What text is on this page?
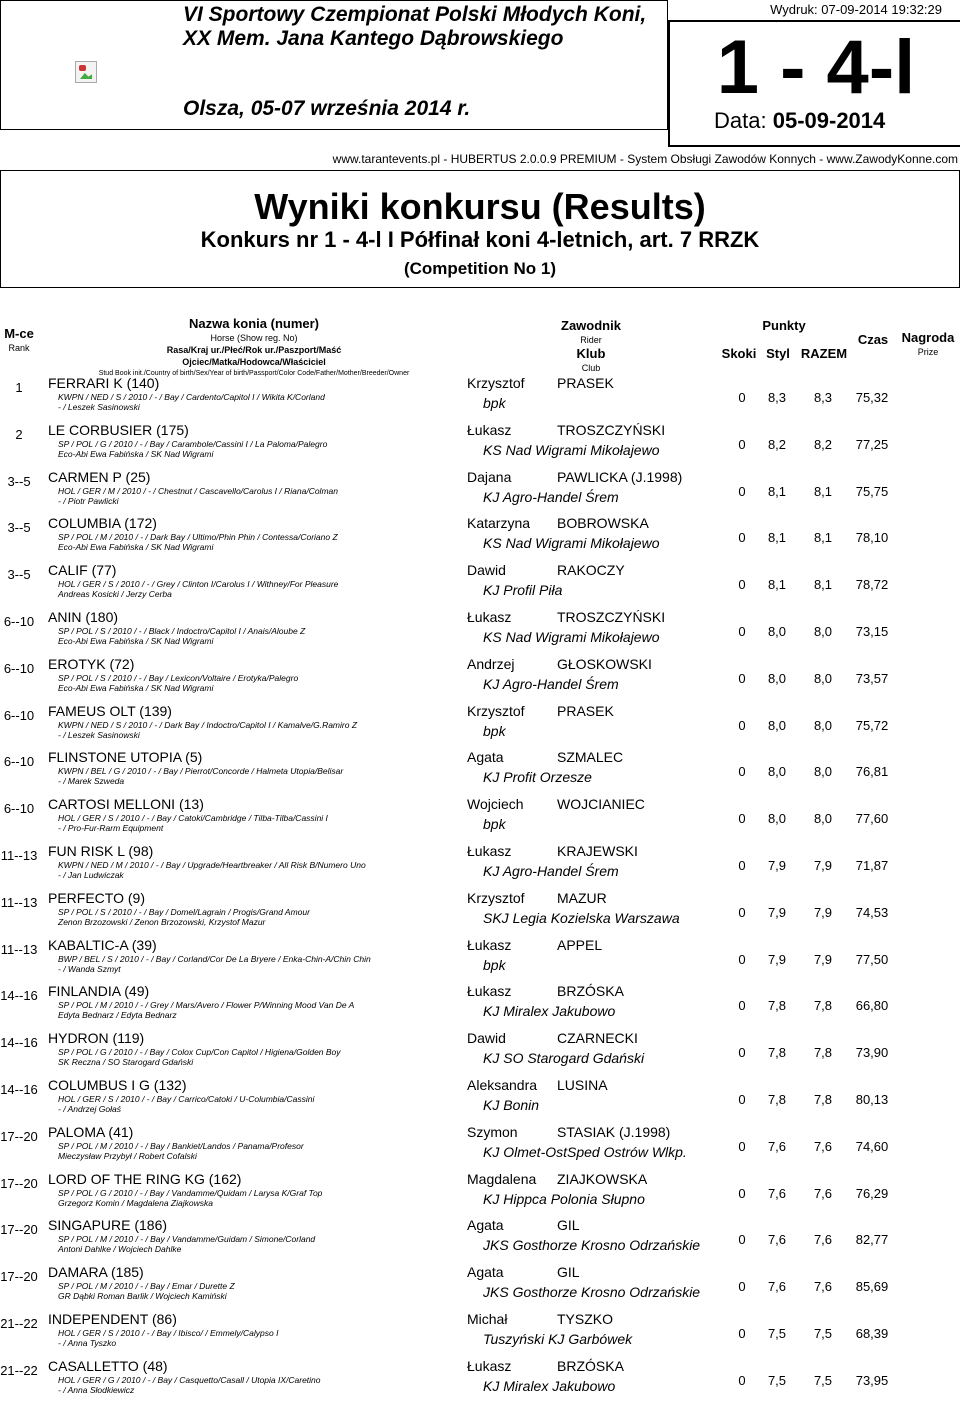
VI Sportowy Czempionat Polski Młodych Koni, XX Mem. Jana Kantego Dąbrowskiego
Olsza, 05-07 września 2014 r.
Wydruk: 07-09-2014 19:32:29
1 - 4-l
Data: 05-09-2014
www.tarantevents.pl - HUBERTUS 2.0.0.9 PREMIUM - System Obsługi Zawodów Konnych - www.ZawodyKonne.com
Wyniki konkursu (Results)
Konkurs nr 1 - 4-l I Półfinał koni 4-letnich, art. 7 RRZK
(Competition No 1)
M-ce
Rank
Nazwa konia (numer)
Horse (Show reg. No)
Rasa/Kraj ur./Płeć/Rok ur./Paszport/Maść
Ojciec/Matka/Hodowca/Właściciel
Stud Book init./Country of birth/Sex/Year of birth/Passport/Color Code/Father/Mother/Breeder/Owner
Zawodnik
Rider
Klub
Club
Punkty
Skoki Styl RAZEM
Czas	Nagroda
Prize
1	FERRARI K (140)
KWPN / NED / S / 2010 / - / Bay / Cardento/Capitol I / Wikita K/Corland
- / Leszek Sasinowski
Krzysztof PRASEK
bpk	0	8,3	8,3	75,32
2	LE CORBUSIER (175)
SP / POL / G / 2010 / - / Bay / Carambole/Cassini I / La Paloma/Palegro
Eco-Abi Ewa Fabińska / SK Nad Wigrami
Łukasz	TROSZCZYŃSKI
KS Nad Wigrami Mikołajewo	0	8,2	8,2	77,25
3--5	CARMEN P (25)
HOL / GER / M / 2010 / - / Chestnut / Cascavello/Carolus I / Riana/Colman
- / Piotr Pawlicki
Dajana	PAWLICKA (J.1998)
KJ Agro-Handel Śrem	0	8,1	8,1	75,75
3--5	COLUMBIA (172)
SP / POL / M / 2010 / - / Dark Bay / Ultimo/Phin Phin / Contessa/Coriano Z
Eco-Abi Ewa Fabińska / SK Nad Wigrami
Katarzyna BOBROWSKA
KS Nad Wigrami Mikołajewo	0	8,1	8,1	78,10
3--5	CALIF (77)
HOL / GER / S / 2010 / - / Grey / Clinton I/Carolus I / Withney/For Pleasure
Andreas Kosicki / Jerzy Cerba
Dawid	RAKOCZY
KJ Profil Piła	0	8,1	8,1	78,72
6--10 ANIN (180)
SP / POL / S / 2010 / - / Black / Indoctro/Capitol I / Anais/Aloube Z
Eco-Abi Ewa Fabińska / SK Nad Wigrami
Łukasz	TROSZCZYŃSKI
KS Nad Wigrami Mikołajewo	0	8,0	8,0	73,15
6--10 EROTYK (72)
SP / POL / S / 2010 / - / Bay / Lexicon/Voltaire / Erotyka/Palegro
Eco-Abi Ewa Fabińska / SK Nad Wigrami
Andrzej	GŁOSKOWSKI
KJ Agro-Handel Śrem	0	8,0	8,0	73,57
6--10 FAMEUS OLT (139)
KWPN / NED / S / 2010 / - / Dark Bay / Indoctro/Capitol I / Kamalve/G.Ramiro Z
- / Leszek Sasinowski
Krzysztof PRASEK
bpk	0	8,0	8,0	75,72
6--10 FLINSTONE UTOPIA (5)
KWPN / BEL / G / 2010 / - / Bay / Pierrot/Concorde / Halmeta Utopia/Belisar
- / Marek Szweda
Agata	SZMALEC
KJ Profit Orzesze	0	8,0	8,0	76,81
6--10 CARTOSI MELLONI (13)
HOL / GER / S / 2010 / - / Bay / Catoki/Cambridge / Tilba-Tilba/Cassini I
- / Pro-Fur-Rarm Equipment
Wojciech WOJCIANIEC
bpk	0	8,0	8,0	77,60
11--13 FUN RISK L (98)
KWPN / NED / M / 2010 / - / Bay / Upgrade/Heartbreaker / All Risk B/Numero Uno
- / Jan Ludwiczak
Łukasz	KRAJEWSKI
KJ Agro-Handel Śrem	0	7,9	7,9	71,87
11--13 PERFECTO (9)
SP / POL / S / 2010 / - / Bay / Domel/Lagrain / Progis/Grand Amour
Zenon Brzozowski / Zenon Brzozowski, Krzystof Mazur
Krzysztof MAZUR
SKJ Legia Kozielska Warszawa	0	7,9	7,9	74,53
11--13 KABALTIC-A (39)
BWP / BEL / S / 2010 / - / Bay / Corland/Cor De La Bryere / Enka-Chin-A/Chin Chin
- / Wanda Szmyt
Łukasz	APPEL
bpk	0	7,9	7,9	77,50
14--16 FINLANDIA (49)
SP / POL / M / 2010 / - / Grey / Mars/Avero / Flower P/Winning Mood Van De A
Edyta Bednarz / Edyta Bednarz
Łukasz	BRZÓSKA
KJ Miralex Jakubowo	0	7,8	7,8	66,80
14--16 HYDRON (119)
SP / POL / G / 2010 / - / Bay / Colox Cup/Con Capitol / Higiena/Golden Boy
SK Reczna / SO Starogard Gdański
Dawid	CZARNECKI
KJ SO Starogard Gdański	0	7,8	7,8	73,90
14--16 COLUMBUS I G (132)
HOL / GER / S / 2010 / - / Bay / Carrico/Catoki / U-Columbia/Cassini
- / Andrzej Gołaś
Aleksandra LUSINA
KJ Bonin	0	7,8	7,8	80,13
17--20 PALOMA (41)
SP / POL / M / 2010 / - / Bay / Bankiet/Landos / Panama/Profesor
Mieczysław Przybył / Robert Cofalski
Szymon	STASIAK (J.1998)
KJ Olmet-OstSped Ostrów Wlkp.	0	7,6	7,6	74,60
17--20 LORD OF THE RING KG (162)
SP / POL / G / 2010 / - / Bay / Vandamme/Quidam / Larysa K/Graf Top
Grzegorz Komin / Magdalena Ziajkowska
Magdalena ZIAJKOWSKA
KJ Hippca Polonia Słupno	0	7,6	7,6	76,29
17--20 SINGAPURE (186)
SP / POL / M / 2010 / - / Bay / Vandamme/Guidam / Simone/Corland
Antoni Dahlke / Wojciech Dahlke
Agata	GIL
JKS Gosthorze Krosno Odrzańskie	0	7,6	7,6	82,77
17--20 DAMARA (185)
SP / POL / M / 2010 / - / Bay / Emar / Durette Z
GR Dąbki Roman Barlik / Wojciech Kamiński
Agata	GIL
JKS Gosthorze Krosno Odrzańskie	0	7,6	7,6	85,69
21--22 INDEPENDENT (86)
HOL / GER / S / 2010 / - / Bay / Ibisco/ / Emmely/Calypso I
- / Anna Tyszko
Michał	TYSZKO
Tuszyński KJ Garbówek	0	7,5	7,5	68,39
21--22 CASALLETTO (48)
HOL / GER / G / 2010 / - / Bay / Casquetto/Casall / Utopia IX/Caretino
- / Anna Słodkiewicz
Łukasz	BRZÓSKA
KJ Miralex Jakubowo	0	7,5	7,5	73,95
